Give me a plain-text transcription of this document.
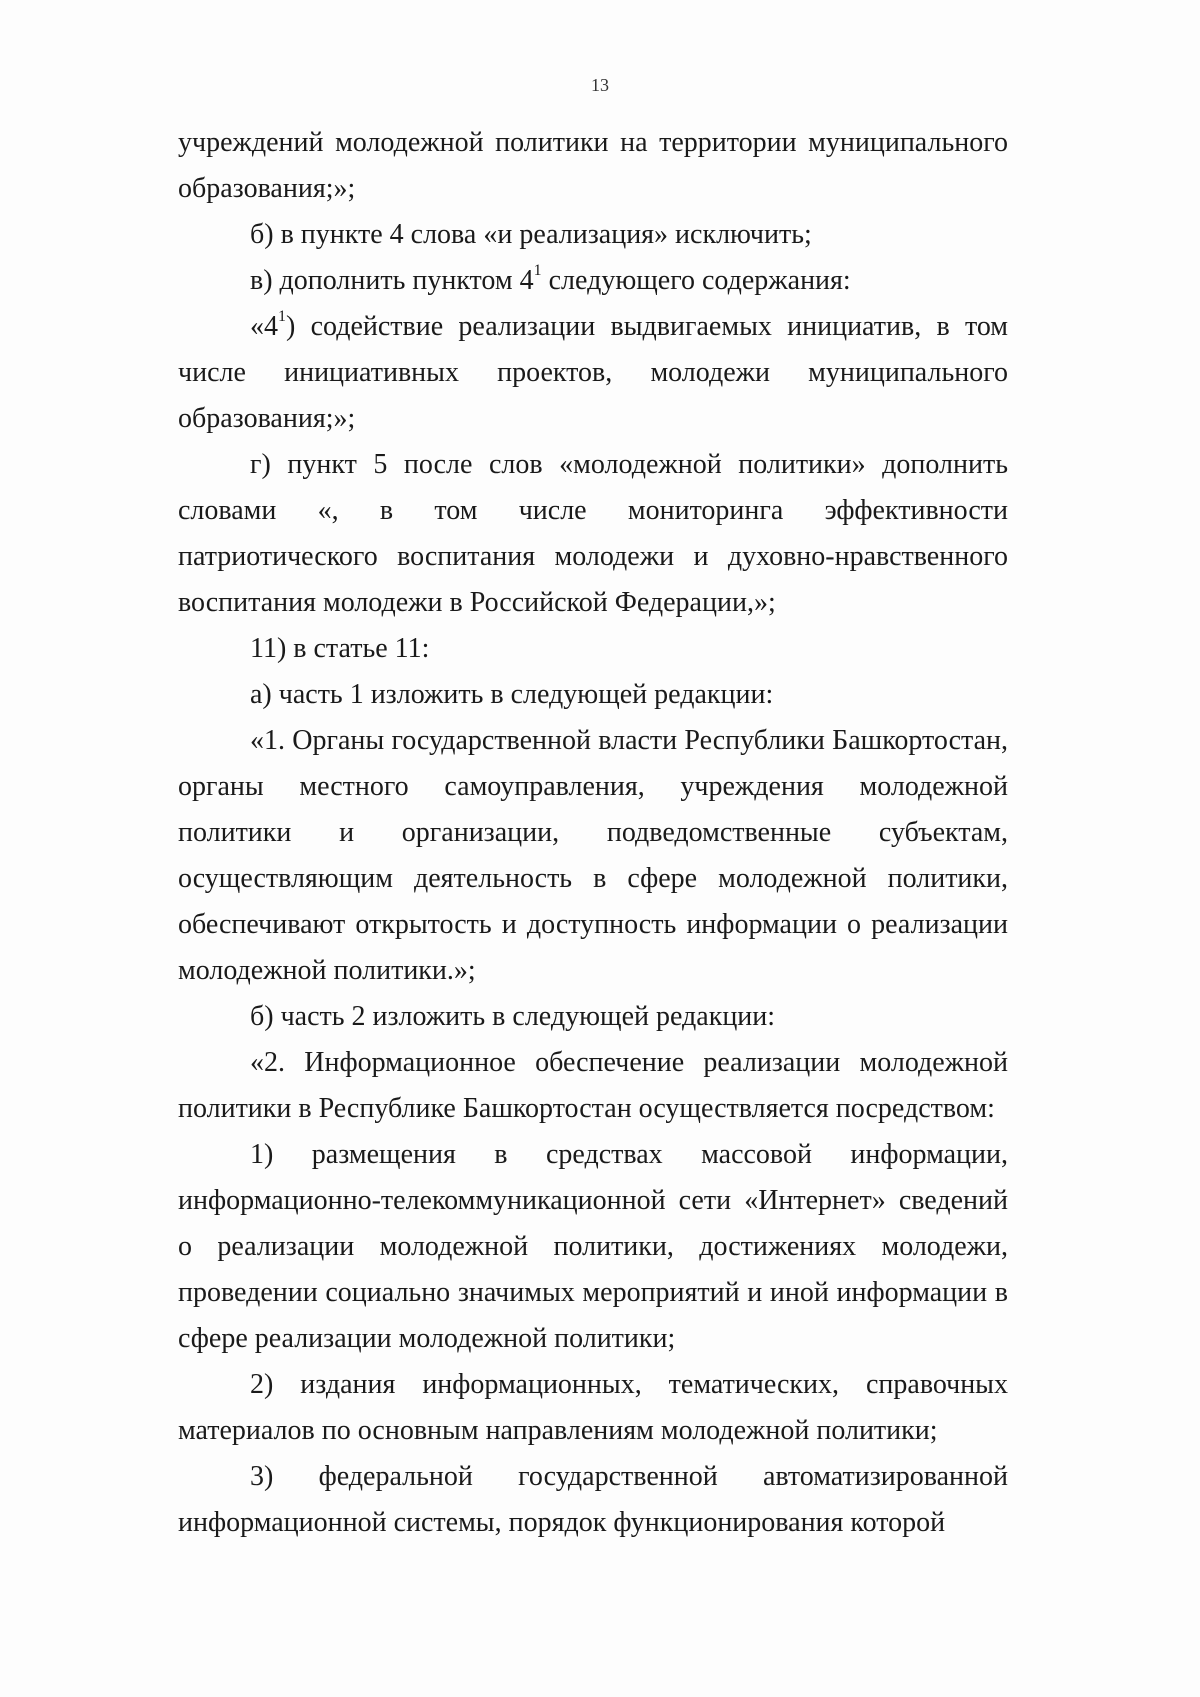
13

учреждений молодежной политики на территории муниципального образования;»;

б) в пункте 4 слова «и реализация» исключить;

в) дополнить пунктом $4^1$ следующего содержания:

«$4^1$) содействие реализации выдвигаемых инициатив, в том числе инициативных проектов, молодежи муниципального образования;»;

г) пункт 5 после слов «молодежной политики» дополнить словами «, в том числе мониторинга эффективности патриотического воспитания молодежи и духовно-нравственного воспитания молодежи в Российской Федерации,»;

11) в статье 11:

а) часть 1 изложить в следующей редакции:

«1. Органы государственной власти Республики Башкортостан, органы местного самоуправления, учреждения молодежной политики и организации, подведомственные субъектам, осуществляющим деятельность в сфере молодежной политики, обеспечивают открытость и доступность информации о реализации молодежной политики.»;

б) часть 2 изложить в следующей редакции:

«2. Информационное обеспечение реализации молодежной политики в Республике Башкортостан осуществляется посредством:

1) размещения в средствах массовой информации, информационно-телекоммуникационной сети «Интернет» сведений о реализации молодежной политики, достижениях молодежи, проведении социально значимых мероприятий и иной информации в сфере реализации молодежной политики;

2) издания информационных, тематических, справочных материалов по основным направлениям молодежной политики;

3) федеральной государственной автоматизированной информационной системы, порядок функционирования которой
